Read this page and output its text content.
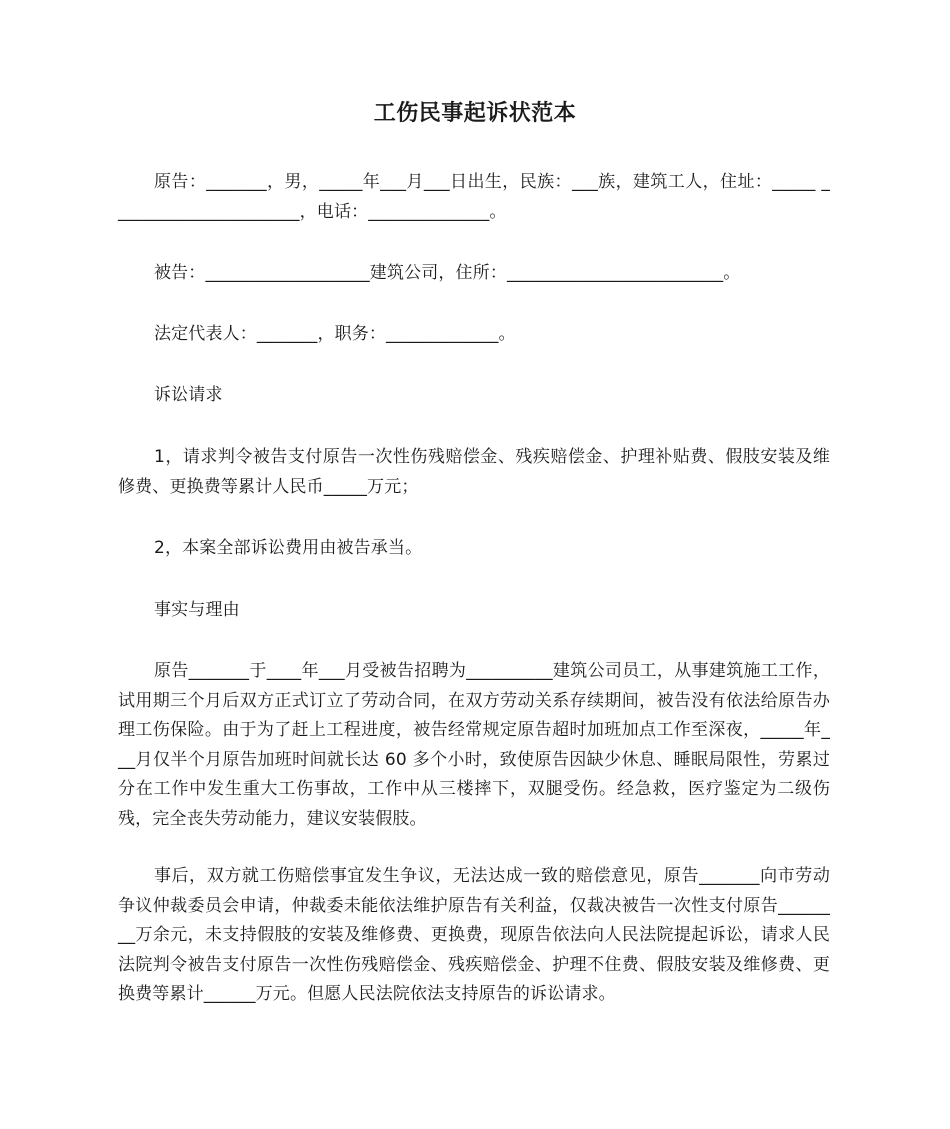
工伤民事起诉状范本
原告：_______，男，_____年___月___日出生，民族：___族，建筑工人，住址：_____ ______________________，电话：______________。
被告：___________________建筑公司，住所：_________________________。
法定代表人：_______，职务：_____________。
诉讼请求
1，请求判令被告支付原告一次性伤残赔偿金、残疾赔偿金、护理补贴费、假肢安装及维修费、更换费等累计人民币_____万元；
2，本案全部诉讼费用由被告承当。
事实与理由
原告_______于____年___月受被告招聘为__________建筑公司员工，从事建筑施工工作，试用期三个月后双方正式订立了劳动合同，在双方劳动关系存续期间，被告没有依法给原告办理工伤保险。由于为了赶上工程进度，被告经常规定原告超时加班加点工作至深夜，_____年___月仅半个月原告加班时间就长达 60 多个小时，致使原告因缺少休息、睡眠局限性，劳累过分在工作中发生重大工伤事故，工作中从三楼摔下，双腿受伤。经急救，医疗鉴定为二级伤残，完全丧失劳动能力，建议安装假肢。
事后，双方就工伤赔偿事宜发生争议，无法达成一致的赔偿意见，原告_______向市劳动争议仲裁委员会申请，仲裁委未能依法维护原告有关利益，仅裁决被告一次性支付原告________万余元，未支持假肢的安装及维修费、更换费，现原告依法向人民法院提起诉讼，请求人民法院判令被告支付原告一次性伤残赔偿金、残疾赔偿金、护理不住费、假肢安装及维修费、更换费等累计______万元。但愿人民法院依法支持原告的诉讼请求。
